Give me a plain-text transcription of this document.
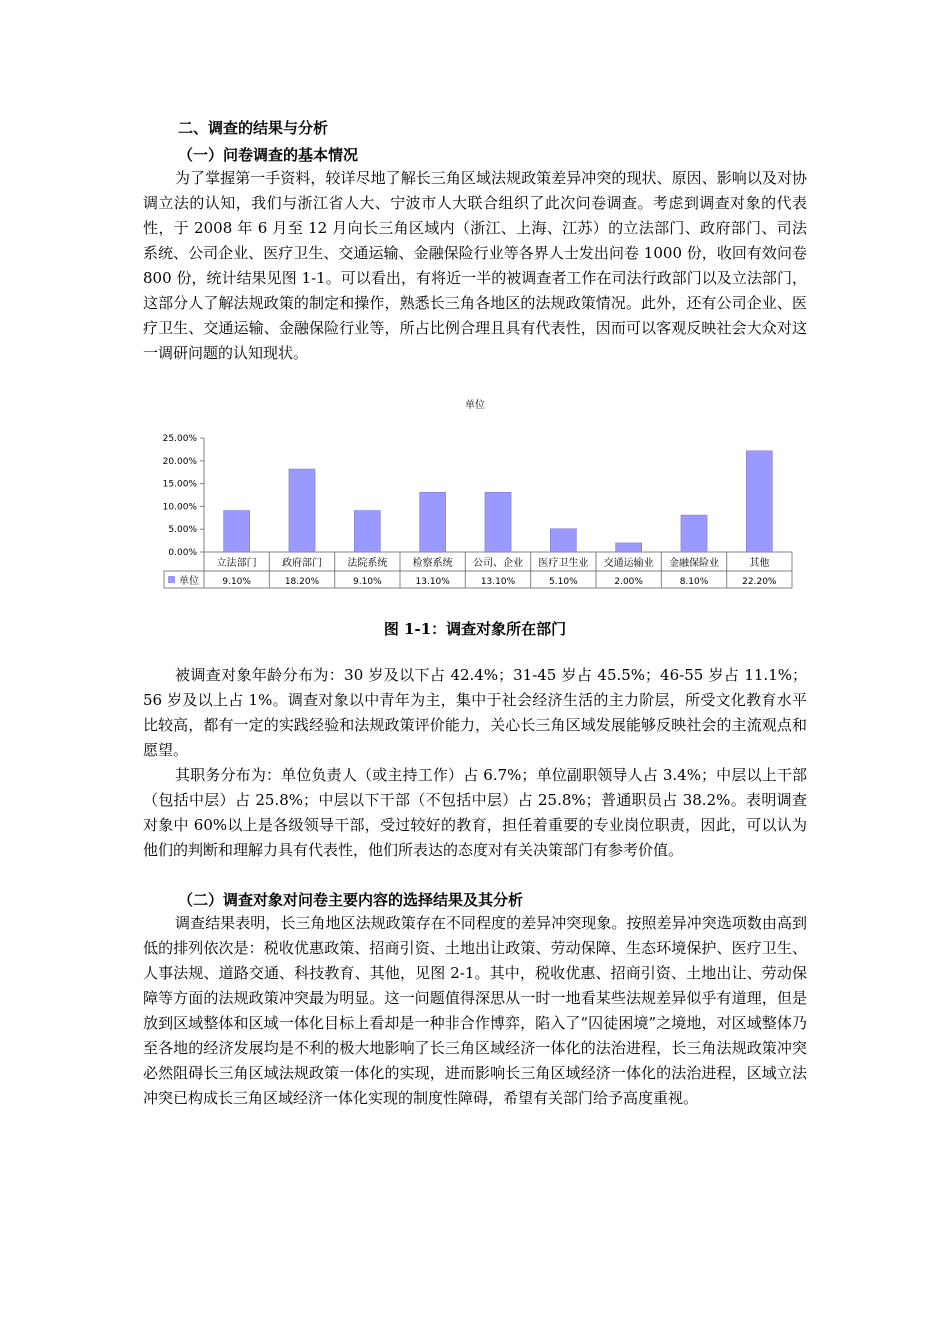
二、调查的结果与分析
（一）问卷调查的基本情况
为了掌握第一手资料，较详尽地了解长三角区域法规政策差异冲突的现状、原因、影响以及对协调立法的认知，我们与浙江省人大、宁波市人大联合组织了此次问卷调查。考虑到调查对象的代表性，于 2008 年 6 月至 12 月向长三角区域内（浙江、上海、江苏）的立法部门、政府部门、司法系统、公司企业、医疗卫生、交通运输、金融保险行业等各界人士发出问卷 1000 份，收回有效问卷 800 份，统计结果见图 1-1。可以看出，有将近一半的被调查者工作在司法行政部门以及立法部门，这部分人了解法规政策的制定和操作，熟悉长三角各地区的法规政策情况。此外，还有公司企业、医疗卫生、交通运输、金融保险行业等，所占比例合理且具有代表性，因而可以客观反映社会大众对这一调研问题的认知现状。
单位
0.00%
5.00%
10.00%
15.00%
20.00%
25.00%
立法部门	政府部门	法院系统	检察系统 公司、企业 医疗卫生业 交通运输业 金融保险业	其他
单位	9.10%	18.20%	9.10%	13.10%	13.10%	5.10%	2.00%	8.10%	22.20%
图 1-1：调查对象所在部门
被调查对象年龄分布为：30 岁及以下占 42.4%；31-45 岁占 45.5%；46-55 岁占 11.1%；56 岁及以上占 1%。调查对象以中青年为主，集中于社会经济生活的主力阶层，所受文化教育水平比较高，都有一定的实践经验和法规政策评价能力，关心长三角区域发展能够反映社会的主流观点和愿望。
其职务分布为：单位负责人（或主持工作）占 6.7%；单位副职领导人占 3.4%；中层以上干部（包括中层）占 25.8%；中层以下干部（不包括中层）占 25.8%；普通职员占 38.2%。表明调查对象中 60%以上是各级领导干部，受过较好的教育，担任着重要的专业岗位职责，因此，可以认为他们的判断和理解力具有代表性，他们所表达的态度对有关决策部门有参考价值。
（二）调查对象对问卷主要内容的选择结果及其分析
调查结果表明，长三角地区法规政策存在不同程度的差异冲突现象。按照差异冲突选项数由高到低的排列依次是：税收优惠政策、招商引资、土地出让政策、劳动保障、生态环境保护、医疗卫生、人事法规、道路交通、科技教育、其他，见图 2-1。其中，税收优惠、招商引资、土地出让、劳动保障等方面的法规政策冲突最为明显。这一问题值得深思从一时一地看某些法规差异似乎有道理，但是放到区域整体和区域一体化目标上看却是一种非合作博弈，陷入了“囚徒困境”之境地，对区域整体乃至各地的经济发展均是不利的极大地影响了长三角区域经济一体化的法治进程，长三角法规政策冲突必然阻碍长三角区域法规政策一体化的实现，进而影响长三角区域经济一体化的法治进程，区域立法冲突已构成长三角区域经济一体化实现的制度性障碍，希望有关部门给予高度重视。
